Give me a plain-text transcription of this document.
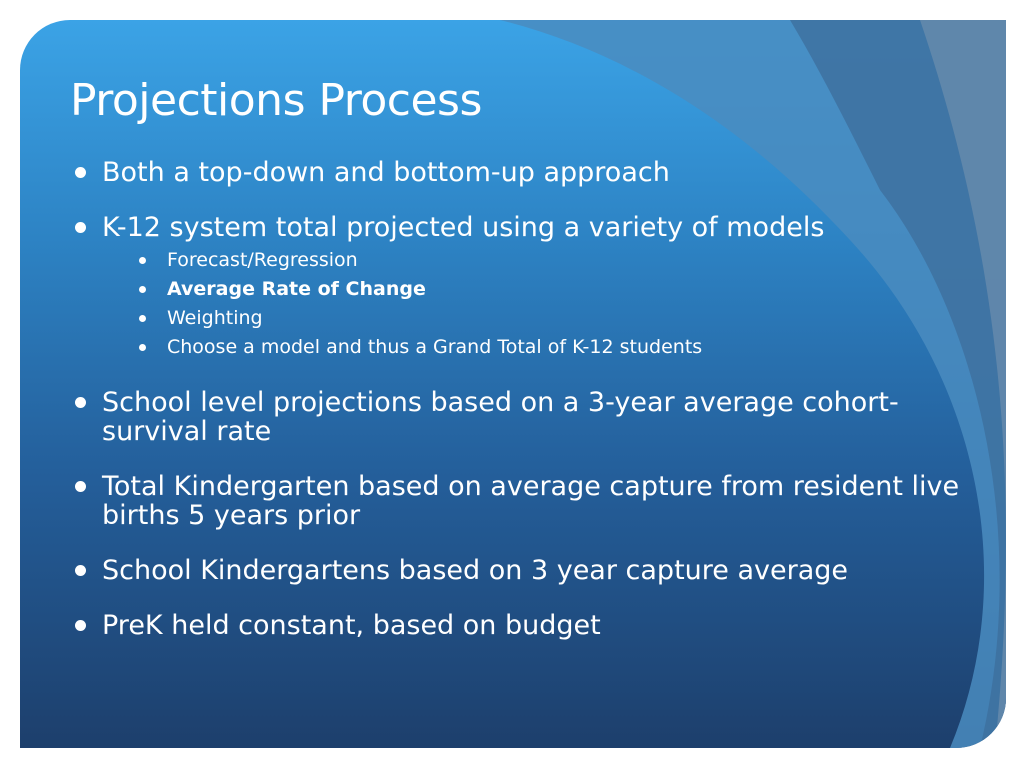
Projections Process
Both a top-down and bottom-up approach
K-12 system total projected using a variety of models
Forecast/Regression
Average Rate of Change
Weighting
Choose a model and thus a Grand Total of K-12 students
School level projections based on a 3-year average cohort-survival rate
Total Kindergarten based on average capture from resident live births 5 years prior
School Kindergartens based on 3 year capture average
PreK held constant, based on budget
